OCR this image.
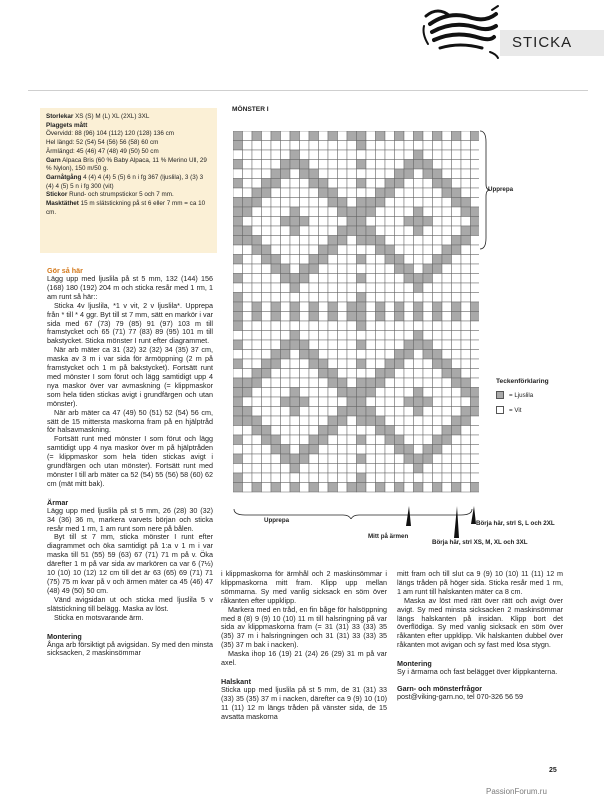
STICKA

Storlekar XS (S) M (L) XL (2XL) 3XL

Plaggets mått

Övervidd: 88 (96) 104 (112) 120 (128) 136 cm

Hel längd: 52 (54) 54 (56) 56 (58) 60 cm

Ärmlängd: 45 (46) 47 (48) 49 (50) 50 cm

Garn Alpaca Bris (60 % Baby Alpaca, 11 % Merino Ull, 29 % Nylon), 150 m/50 g.

Garnåtgång 4 (4) 4 (4) 5 (5) 6 n i fg 367 (ljuslila), 3 (3) 3 (4) 4 (5) 5 n i fg 300 (vit)

Stickor Rund- och strumpstickor 5 och 7 mm.

Masktäthet 15 m slätstickning på st 6 eller 7 mm = ca 10 cm.

Gör så här

Lägg upp med ljuslila på st 5 mm, 132 (144) 156 (168) 180 (192) 204 m och sticka resår med 1 rm, 1 am runt så här::

Sticka 4v ljuslila, *1 v vit, 2 v ljuslila*. Upprepa från * till * 4 ggr. Byt till st 7 mm, sätt en markör i var sida med 67 (73) 79 (85) 91 (97) 103 m till framstycket och 65 (71) 77 (83) 89 (95) 101 m till bakstycket. Sticka mönster I runt efter diagrammet.

När arb mäter ca 31 (32) 32 (32) 34 (35) 37 cm, maska av 3 m i var sida för ärmöppning (2 m på framstycket och 1 m på bakstycket). Fortsätt runt med mönster I som förut och lägg samtidigt upp 4 nya maskor över var avmaskning (= klippmaskor som hela tiden stickas avigt i grundfärgen och utan mönster).

När arb mäter ca 47 (49) 50 (51) 52 (54) 56 cm, sätt de 15 mittersta maskorna fram på en hjälptråd för halsavmaskning.

Fortsätt runt med mönster I som förut och lägg samtidigt upp 4 nya maskor över m på hjälptråden (= klippmaskor som hela tiden stickas avigt i grundfärgen och utan mönster). Fortsätt runt med mönster I till arb mäter ca 52 (54) 55 (56) 58 (60) 62 cm (mät mitt bak).

Ärmar

Lägg upp med ljuslila på st 5 mm, 26 (28) 30 (32) 34 (36) 36 m, markera varvets början och sticka resår med 1 rm, 1 am runt som nere på bålen.

Byt till st 7 mm, sticka mönster I runt efter diagrammet och öka samtidigt på 1:a v 1 m i var maska till 51 (55) 59 (63) 67 (71) 71 m på v. Öka därefter 1 m på var sida av markören ca var 6 (7½) 10 (10) 10 (12) 12 cm till det är 63 (65) 69 (71) 71 (75) 75 m kvar på v och ärmen mäter ca 45 (46) 47 (48) 49 (50) 50 cm.

Vänd avigsidan ut och sticka med ljuslila 5 v slätstickning till belägg. Maska av löst.

Sticka en motsvarande ärm.

Montering

Ånga arb försiktigt på avigsidan. Sy med den minsta sicksacken, 2 maskinsömmar

i klippmaskorna för ärmhål och 2 maskinsömmar i klippmaskorna mitt fram. Klipp upp mellan sömmarna. Sy med vanlig sicksack en söm över råkanten efter uppklipp.

Markera med en tråd, en fin båge för halsöppning med 8 (8) 9 (9) 10 (10) 11 m till halsringning på var sida av klippmaskorna fram (= 31 (31) 33 (33) 35 (35) 37 m i halsringningen och 31 (31) 33 (33) 35 (35) 37 m bak i nacken).

Maska ihop 16 (19) 21 (24) 26 (29) 31 m på var axel.

Halskant

Sticka upp med ljuslila på st 5 mm, de 31 (31) 33 (33) 35 (35) 37 m i nacken, därefter ca 9 (9) 10 (10) 11 (11) 12 m längs tråden på vänster sida, de 15 avsatta maskorna

mitt fram och till slut ca 9 (9) 10 (10) 11 (11) 12 m längs tråden på höger sida. Sticka resår med 1 rm, 1 am runt till halskanten mäter ca 8 cm.

Maska av löst med rätt över rätt och avigt över avigt. Sy med minsta sicksacken 2 maskinsömmar längs halskanten på insidan. Klipp bort det överflödiga. Sy med vanlig sicksack en söm över råkanten efter uppklipp. Vik halskanten dubbel över råkanten mot avigan och sy fast med lösa stygn.

Montering

Sy i ärmarna och fast belägget över klippkanterna.

Garn- och mönsterfrågor

post@viking-garn.no, tel 070-326 56 59

MÖNSTER I
Upprepa
Upprepa
Mitt på ärmen
Börja här, strl S, L och 2XL
Börja här, strl XS, M, XL och 3XL
Teckenförklaring
= Ljuslila
= Vit
25
PassionForum.ru
